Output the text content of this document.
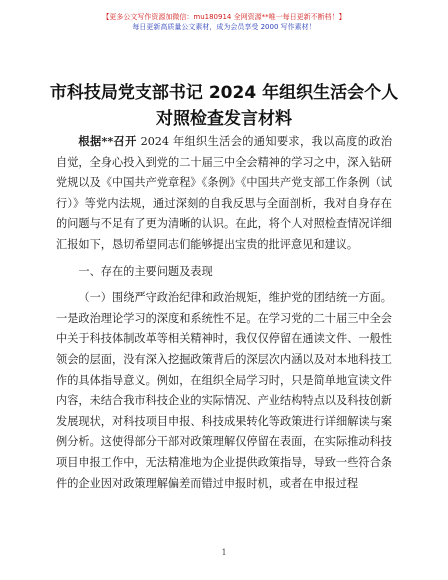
【更多公文写作资源加微信：mu180914 全网资源**唯一每日更新不断档！】
每日更新高质量公文素材，成为会员享受 2000 写作素材！
市科技局党支部书记 2024 年组织生活会个人对照检查发言材料

根据**召开 2024 年组织生活会的通知要求，我以高度的政治自觉，全身心投入到党的二十届三中全会精神的学习之中，深入钻研党规以及《中国共产党章程》《条例》《中国共产党支部工作条例（试行）》等党内法规，通过深刻的自我反思与全面剖析，我对自身存在的问题与不足有了更为清晰的认识。在此，将个人对照检查情况详细汇报如下，恳切希望同志们能够提出宝贵的批评意见和建议。

一、存在的主要问题及表现

（一）围绕严守政治纪律和政治规矩，维护党的团结统一方面。一是政治理论学习的深度和系统性不足。在学习党的二十届三中全会中关于科技体制改革等相关精神时，我仅仅停留在通读文件、一般性领会的层面，没有深入挖掘政策背后的深层次内涵以及对本地科技工作的具体指导意义。例如，在组织全局学习时，只是简单地宣读文件内容，未结合我市科技企业的实际情况、产业结构特点以及科技创新发展现状，对科技项目申报、科技成果转化等政策进行详细解读与案例分析。这使得部分干部对政策理解仅停留在表面，在实际推动科技项目申报工作中，无法精准地为企业提供政策指导，导致一些符合条件的企业因对政策理解偏差而错过申报时机，或者在申报过程

1
